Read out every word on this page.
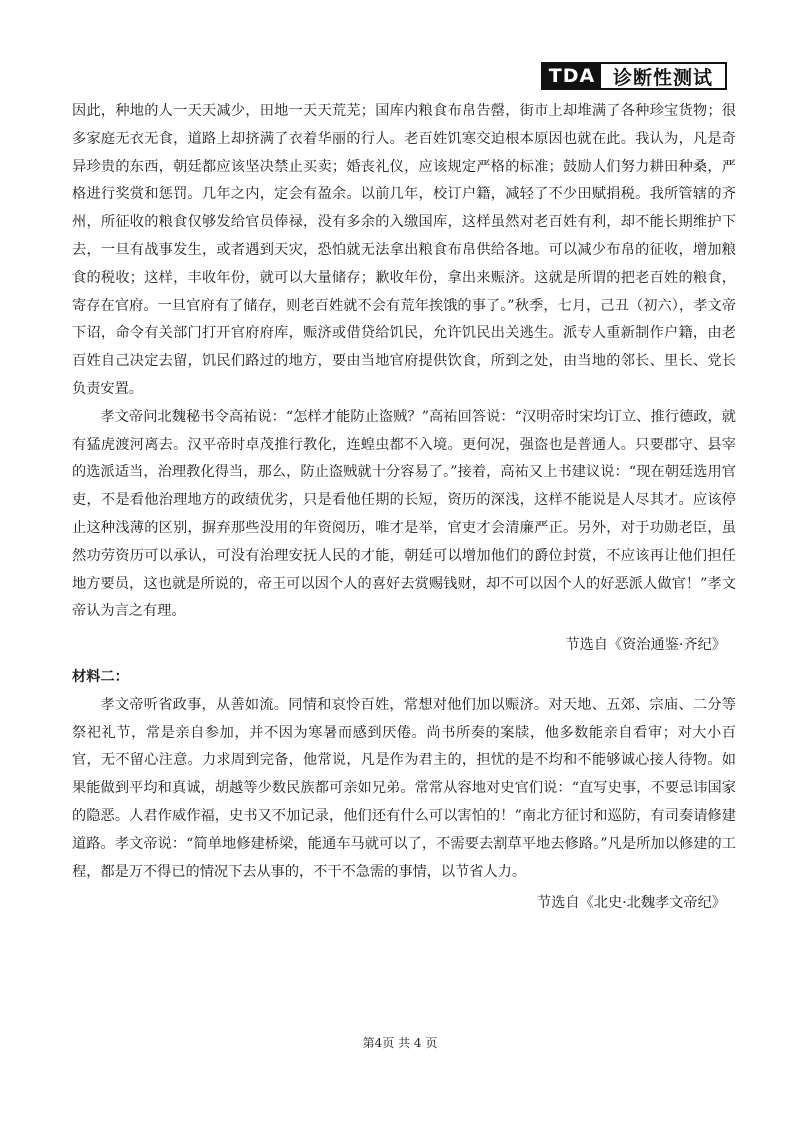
TDA 诊断性测试

因此，种地的人一天天减少，田地一天天荒芜；国库内粮食布帛告罄，街市上却堆满了各种珍宝货物；很多家庭无衣无食，道路上却挤满了衣着华丽的行人。老百姓饥寒交迫根本原因也就在此。我认为，凡是奇异珍贵的东西，朝廷都应该坚决禁止买卖；婚丧礼仪，应该规定严格的标准；鼓励人们努力耕田种桑，严格进行奖赏和惩罚。几年之内，定会有盈余。以前几年，校订户籍，减轻了不少田赋捐税。我所管辖的齐州，所征收的粮食仅够发给官员俸禄，没有多余的入缴国库，这样虽然对老百姓有利，却不能长期维护下去，一旦有战事发生，或者遇到天灾，恐怕就无法拿出粮食布帛供给各地。可以减少布帛的征收，增加粮食的税收；这样，丰收年份，就可以大量储存；歉收年份，拿出来赈济。这就是所谓的把老百姓的粮食，寄存在官府。一旦官府有了储存，则老百姓就不会有荒年挨饿的事了。”秋季，七月，己丑（初六），孝文帝下诏，命令有关部门打开官府府库，赈济或借贷给饥民，允许饥民出关逃生。派专人重新制作户籍，由老百姓自己决定去留，饥民们路过的地方，要由当地官府提供饮食，所到之处，由当地的邻长、里长、党长负责安置。

孝文帝问北魏秘书令高祐说：“怎样才能防止盗贼？”高祐回答说：“汉明帝时宋均订立、推行德政，就有猛虎渡河离去。汉平帝时卓茂推行教化，连蝗虫都不入境。更何况，强盗也是普通人。只要郡守、县宰的选派适当，治理教化得当，那么，防止盗贼就十分容易了。”接着，高祐又上书建议说：“现在朝廷选用官吏，不是看他治理地方的政绩优劣，只是看他任期的长短，资历的深浅，这样不能说是人尽其才。应该停止这种浅薄的区别，摒弃那些没用的年资阅历，唯才是举，官吏才会清廉严正。另外，对于功勋老臣，虽然功劳资历可以承认，可没有治理安抚人民的才能，朝廷可以增加他们的爵位封赏，不应该再让他们担任地方要员，这也就是所说的，帝王可以因个人的喜好去赏赐钱财，却不可以因个人的好恶派人做官！”孝文帝认为言之有理。

节选自《资治通鉴·齐纪》

材料二：

孝文帝听省政事，从善如流。同情和哀怜百姓，常想对他们加以赈济。对天地、五郊、宗庙、二分等祭祀礼节，常是亲自参加，并不因为寒暑而感到厌倦。尚书所奏的案牍，他多数能亲自看审；对大小百官，无不留心注意。力求周到完备，他常说，凡是作为君主的，担忧的是不均和不能够诚心接人待物。如果能做到平均和真诚，胡越等少数民族都可亲如兄弟。常常从容地对史官们说：“直写史事，不要忌讳国家的隐恶。人君作威作福，史书又不加记录，他们还有什么可以害怕的！”南北方征讨和巡防，有司奏请修建道路。孝文帝说：“简单地修建桥梁，能通车马就可以了，不需要去割草平地去修路。”凡是所加以修建的工程，都是万不得已的情况下去从事的，不干不急需的事情，以节省人力。

节选自《北史·北魏孝文帝纪》

第4页 共 4 页
